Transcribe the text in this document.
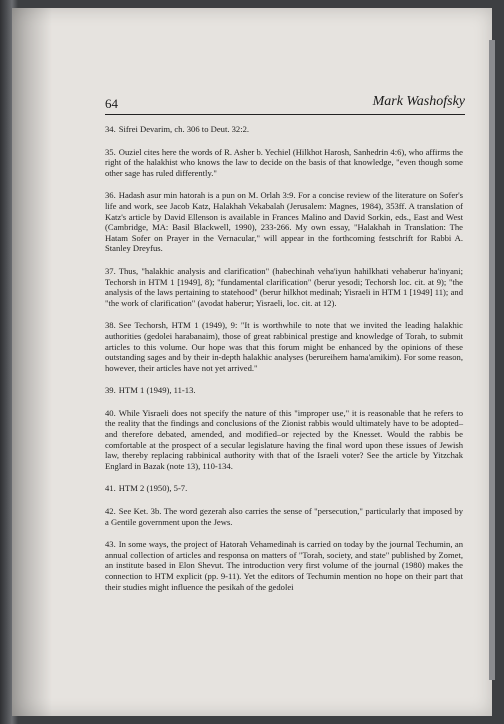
64	Mark Washofsky

34. Sifrei Devarim, ch. 306 to Deut. 32:2.

35. Ouziel cites here the words of R. Asher b. Yechiel (Hilkhot Harosh, Sanhedrin 4:6), who affirms the right of the halakhist who knows the law to decide on the basis of that knowledge, "even though some other sage has ruled differently."

36. Hadash asur min hatorah is a pun on M. Orlah 3:9. For a concise review of the literature on Sofer's life and work, see Jacob Katz, Halakhah Vekabalah (Jerusalem: Magnes, 1984), 353ff. A translation of Katz's article by David Ellenson is available in Frances Malino and David Sorkin, eds., East and West (Cambridge, MA: Basil Blackwell, 1990), 233-266. My own essay, "Halakhah in Translation: The Hatam Sofer on Prayer in the Vernacular," will appear in the forthcoming festschrift for Rabbi A. Stanley Dreyfus.

37. Thus, "halakhic analysis and clarification" (habechinah veha'iyun hahilkhati vehaberur ha'inyani; Techorsh in HTM 1 [1949], 8); "fundamental clarification" (berur yesodi; Techorsh loc. cit. at 9); "the analysis of the laws pertaining to statehood" (berur hilkhot medinah; Yisraeli in HTM 1 [1949] 11); and "the work of clarification" (avodat haberur; Yisraeli, loc. cit. at 12).

38. See Techorsh, HTM 1 (1949), 9: "It is worthwhile to note that we invited the leading halakhic authorities (gedolei harabanaim), those of great rabbinical prestige and knowledge of Torah, to submit articles to this volume. Our hope was that this forum might be enhanced by the opinions of these outstanding sages and by their in-depth halakhic analyses (berureihem hama'amikim). For some reason, however, their articles have not yet arrived."

39. HTM 1 (1949), 11-13.

40. While Yisraeli does not specify the nature of this "improper use," it is reasonable that he refers to the reality that the findings and conclusions of the Zionist rabbis would ultimately have to be adopted–and therefore debated, amended, and modified–or rejected by the Knesset. Would the rabbis be comfortable at the prospect of a secular legislature having the final word upon these issues of Jewish law, thereby replacing rabbinical authority with that of the Israeli voter? See the article by Yitzchak Englard in Bazak (note 13), 110-134.

41. HTM 2 (1950), 5-7.

42. See Ket. 3b. The word gezerah also carries the sense of "persecution," particularly that imposed by a Gentile government upon the Jews.

43. In some ways, the project of Hatorah Vehamedinah is carried on today by the journal Techumin, an annual collection of articles and responsa on matters of "Torah, society, and state" published by Zomet, an institute based in Elon Shevut. The introduction very first volume of the journal (1980) makes the connection to HTM explicit (pp. 9-11). Yet the editors of Techumin mention no hope on their part that their studies might influence the pesikah of the gedolei
